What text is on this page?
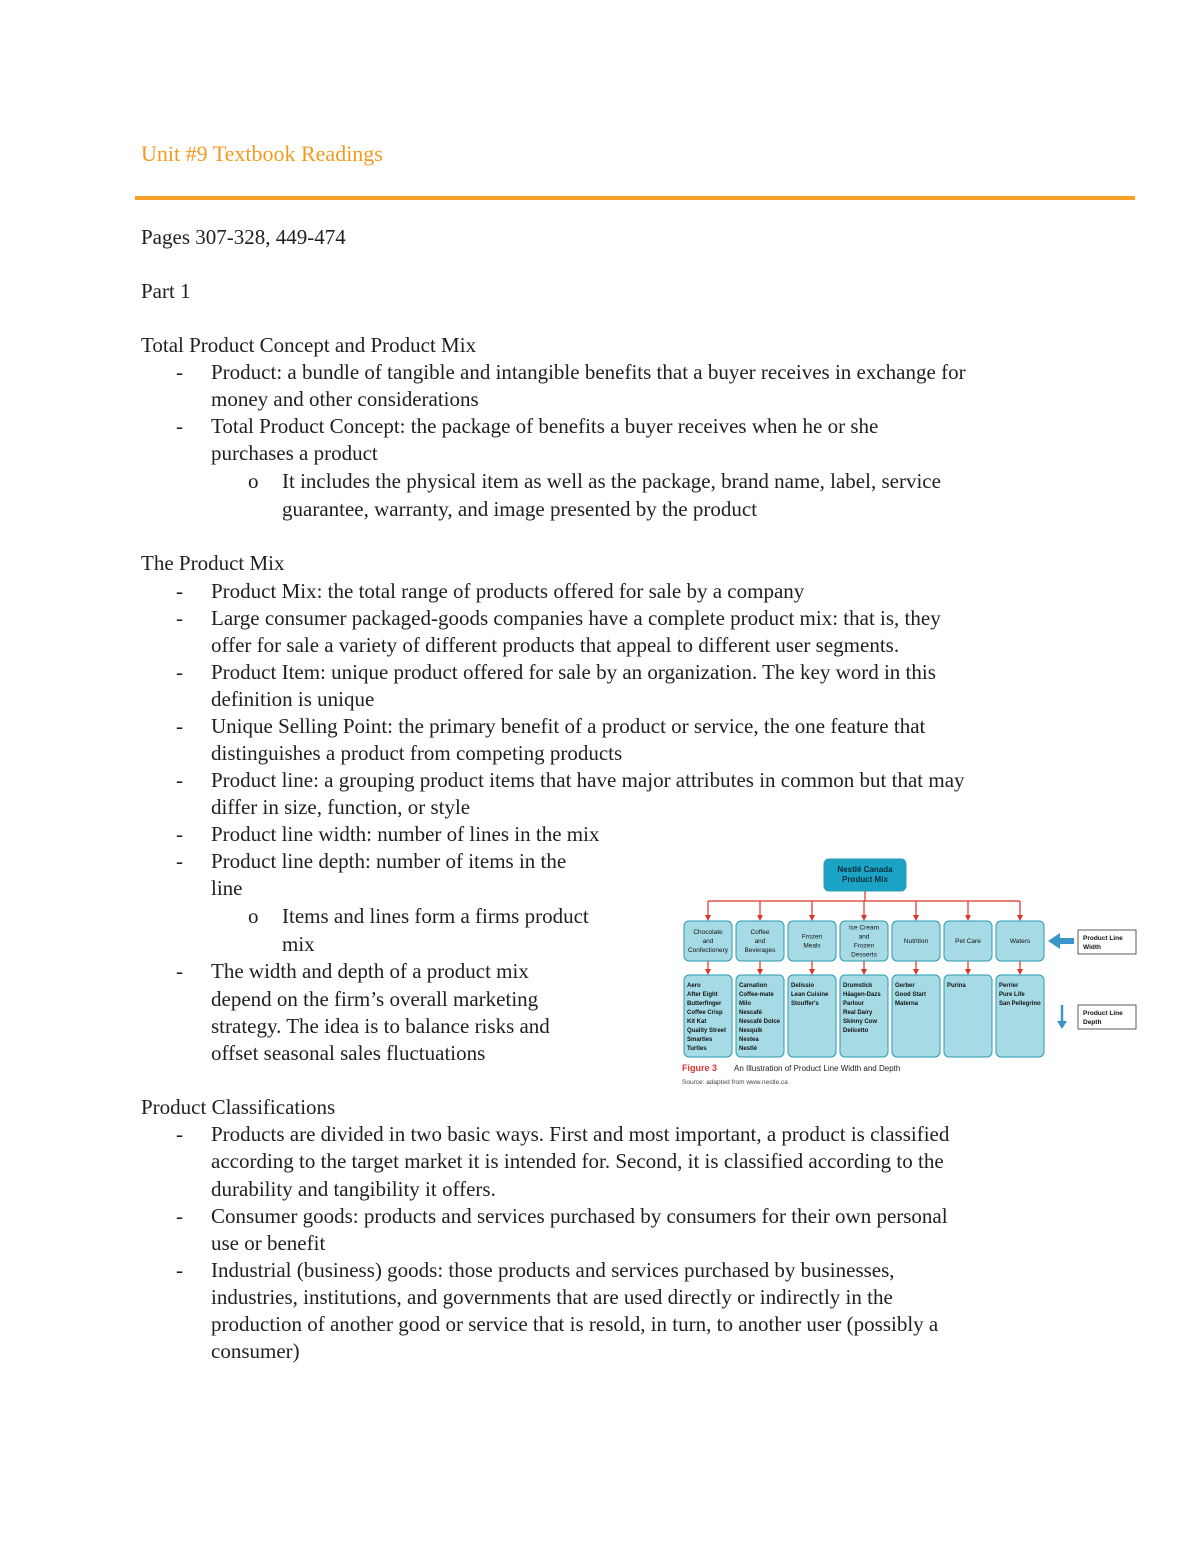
Unit #9 Textbook Readings
Pages 307-328, 449-474
Part 1
Total Product Concept and Product Mix
- Product: a bundle of tangible and intangible benefits that a buyer receives in exchange for
money and other considerations
- Total Product Concept: the package of benefits a buyer receives when he or she
purchases a product
o It includes the physical item as well as the package, brand name, label, service
guarantee, warranty, and image presented by the product
The Product Mix
- Product Mix: the total range of products offered for sale by a company
- Large consumer packaged-goods companies have a complete product mix: that is, they
offer for sale a variety of different products that appeal to different user segments.
- Product Item: unique product offered for sale by an organization. The key word in this
definition is unique
- Unique Selling Point: the primary benefit of a product or service, the one feature that
distinguishes a product from competing products
- Product line: a grouping product items that have major attributes in common but that may
differ in size, function, or style
- Product line width: number of lines in the mix
- Product line depth: number of items in the
line
o Items and lines form a firms product
mix
- The width and depth of a product mix
depend on the firm’s overall marketing
strategy. The idea is to balance risks and
offset seasonal sales fluctuations
Nestlé Canada
Product Mix
Chocolate
and
Confectionery
Aero
After Eight
Butterfinger
Coffee Crisp
Kit Kat
Quality Street
Smarties
Turtles
Coffee
and
Beverages
Carnation
Coffee-mate
Milo
Nescafé
Nescafé Dolce
Nesquik
Nestea
Nestlé
Frozen
Meals
Delissio
Lean Cuisine
Stouffer's
Ice Cream
and
Frozen
Desserts
Drumstick
Häagen-Dazs
Parlour
Real Dairy
Skinny Cow
Delicetto
Nutrition
Gerber
Good Start
Materna
Pet Care
Purina
Waters
Perrier
Pure Life
San Pellegrino
Product Line
Width
Product Line
Depth
Figure 3 An Illustration of Product Line Width and Depth
Source: adapted from www.nestle.ca
Product Classifications
- Products are divided in two basic ways. First and most important, a product is classified
according to the target market it is intended for. Second, it is classified according to the
durability and tangibility it offers.
- Consumer goods: products and services purchased by consumers for their own personal
use or benefit
- Industrial (business) goods: those products and services purchased by businesses,
industries, institutions, and governments that are used directly or indirectly in the
production of another good or service that is resold, in turn, to another user (possibly a
consumer)
